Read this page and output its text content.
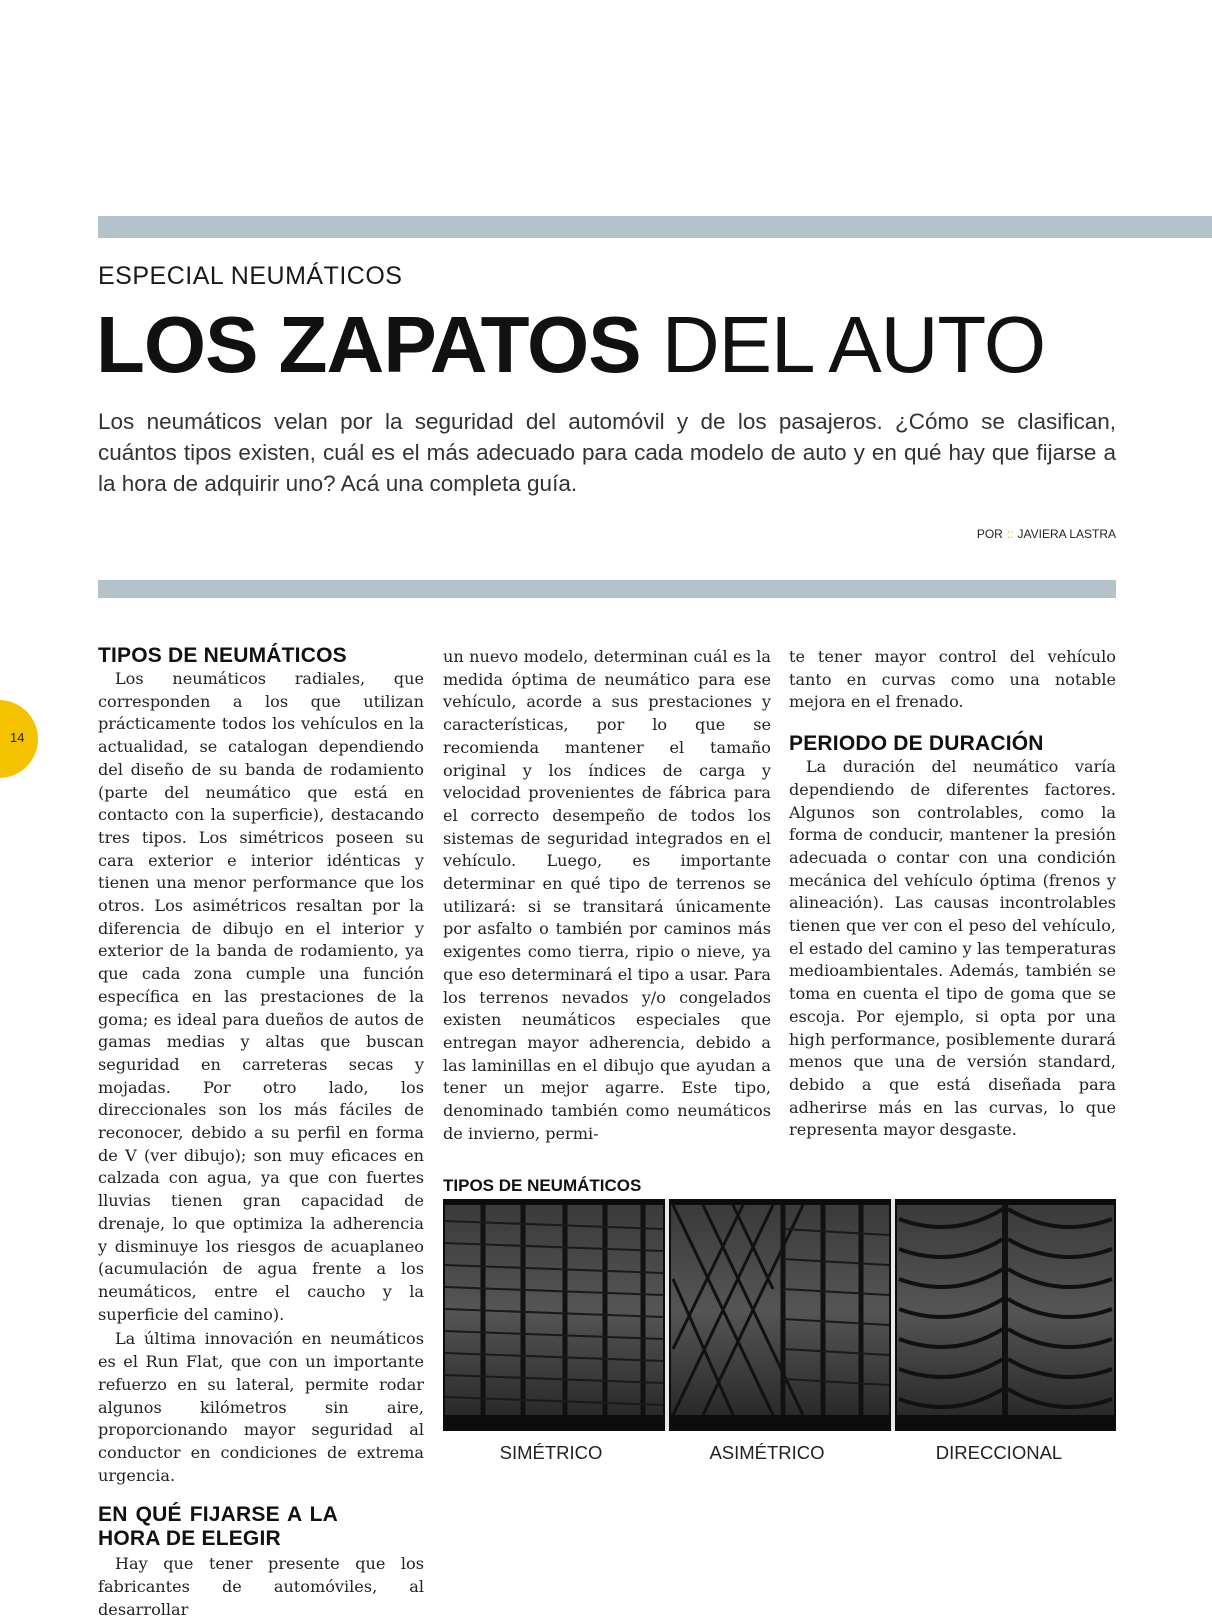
ESPECIAL NEUMÁTICOS
LOS ZAPATOS DEL AUTO
Los neumáticos velan por la seguridad del automóvil y de los pasajeros. ¿Cómo se clasifican, cuántos tipos existen, cuál es el más adecuado para cada modelo de auto y en qué hay que fijarse a la hora de adquirir uno? Acá una completa guía.
POR :: JAVIERA LASTRA
14
TIPOS DE NEUMÁTICOS

Los neumáticos radiales, que corresponden a los que utilizan prácticamente todos los vehículos en la actualidad, se catalogan dependiendo del diseño de su banda de rodamiento (parte del neumático que está en contacto con la superficie), destacando tres tipos. Los simétricos poseen su cara exterior e interior idénticas y tienen una menor performance que los otros. Los asimétricos resaltan por la diferencia de dibujo en el interior y exterior de la banda de rodamiento, ya que cada zona cumple una función específica en las prestaciones de la goma; es ideal para dueños de autos de gamas medias y altas que buscan seguridad en carreteras secas y mojadas. Por otro lado, los direccionales son los más fáciles de reconocer, debido a su perfil en forma de V (ver dibujo); son muy eficaces en calzada con agua, ya que con fuertes lluvias tienen gran capacidad de drenaje, lo que optimiza la adherencia y disminuye los riesgos de acuaplaneo (acumulación de agua frente a los neumáticos, entre el caucho y la superficie del camino).

La última innovación en neumáticos es el Run Flat, que con un importante refuerzo en su lateral, permite rodar algunos kilómetros sin aire, proporcionando mayor seguridad al conductor en condiciones de extrema urgencia.

EN QUÉ FIJARSE A LA HORA DE ELEGIR

Hay que tener presente que los fabricantes de automóviles, al desarrollar

un nuevo modelo, determinan cuál es la medida óptima de neumático para ese vehículo, acorde a sus prestaciones y características, por lo que se recomienda mantener el tamaño original y los índices de carga y velocidad provenientes de fábrica para el correcto desempeño de todos los sistemas de seguridad integrados en el vehículo. Luego, es importante determinar en qué tipo de terrenos se utilizará: si se transitará únicamente por asfalto o también por caminos más exigentes como tierra, ripio o nieve, ya que eso determinará el tipo a usar. Para los terrenos nevados y/o congelados existen neumáticos especiales que entregan mayor adherencia, debido a las laminillas en el dibujo que ayudan a tener un mejor agarre. Este tipo, denominado también como neumáticos de invierno, permi-

te tener mayor control del vehículo tanto en curvas como una notable mejora en el frenado.

PERIODO DE DURACIÓN

La duración del neumático varía dependiendo de diferentes factores. Algunos son controlables, como la forma de conducir, mantener la presión adecuada o contar con una condición mecánica del vehículo óptima (frenos y alineación). Las causas incontrolables tienen que ver con el peso del vehículo, el estado del camino y las temperaturas medioambientales. Además, también se toma en cuenta el tipo de goma que se escoja. Por ejemplo, si opta por una high performance, posiblemente durará menos que una de versión standard, debido a que está diseñada para adherirse más en las curvas, lo que representa mayor desgaste.

TIPOS DE NEUMÁTICOS
SIMÉTRICO	ASIMÉTRICO	DIRECCIONAL
